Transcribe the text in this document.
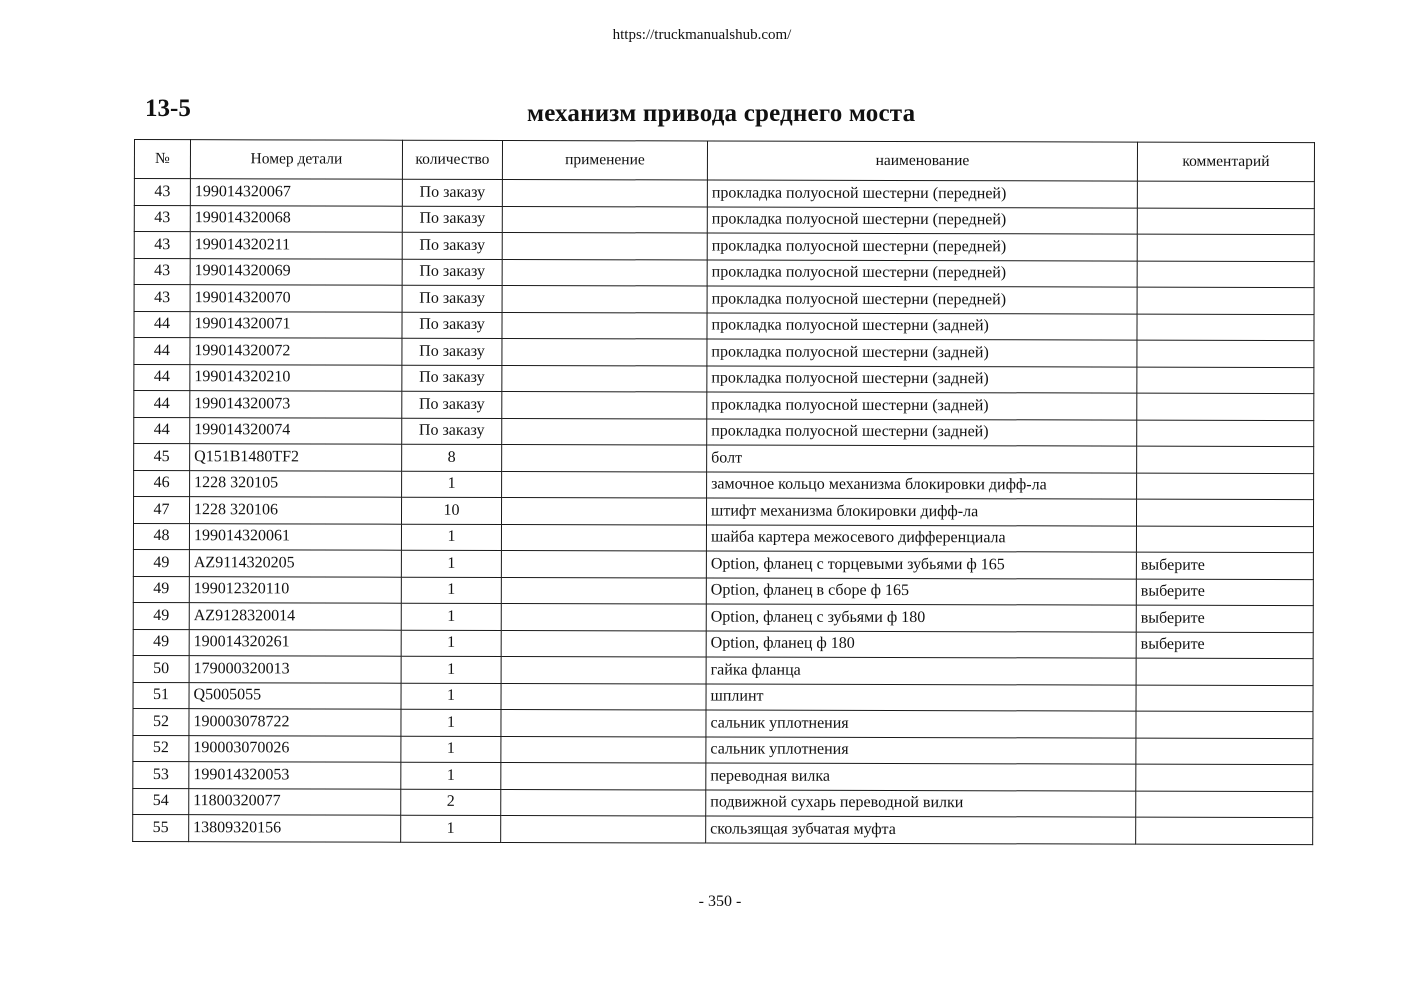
https://truckmanualshub.com/
13-5	механизм привода среднего моста
№	Номер детали	количество	применение	наименование	комментарий
43	199014320067	По заказу		прокладка полуосной шестерни (передней)	
43	199014320068	По заказу		прокладка полуосной шестерни (передней)	
43	199014320211	По заказу		прокладка полуосной шестерни (передней)	
43	199014320069	По заказу		прокладка полуосной шестерни (передней)	
43	199014320070	По заказу		прокладка полуосной шестерни (передней)	
44	199014320071	По заказу		прокладка полуосной шестерни (задней)	
44	199014320072	По заказу		прокладка полуосной шестерни (задней)	
44	199014320210	По заказу		прокладка полуосной шестерни (задней)	
44	199014320073	По заказу		прокладка полуосной шестерни (задней)	
44	199014320074	По заказу		прокладка полуосной шестерни (задней)	
45	Q151B1480TF2	8		болт	
46	1228 320105	1		замочное кольцо механизма блокировки дифф-ла	
47	1228 320106	10		штифт механизма блокировки дифф-ла	
48	199014320061	1		шайба картера межосевого дифференциала	
49	AZ9114320205	1		Option, фланец с торцевыми зубьями ф 165	выберите
49	199012320110	1		Option, фланец в сборе ф 165	выберите
49	AZ9128320014	1		Option, фланец с зубьями ф 180	выберите
49	190014320261	1		Option, фланец ф 180	выберите
50	179000320013	1		гайка фланца	
51	Q5005055	1		шплинт	
52	190003078722	1		сальник уплотнения	
52	190003070026	1		сальник уплотнения	
53	199014320053	1		переводная вилка	
54	11800320077	2		подвижной сухарь переводной вилки	
55	13809320156	1		скользящая зубчатая муфта	
- 350 -
